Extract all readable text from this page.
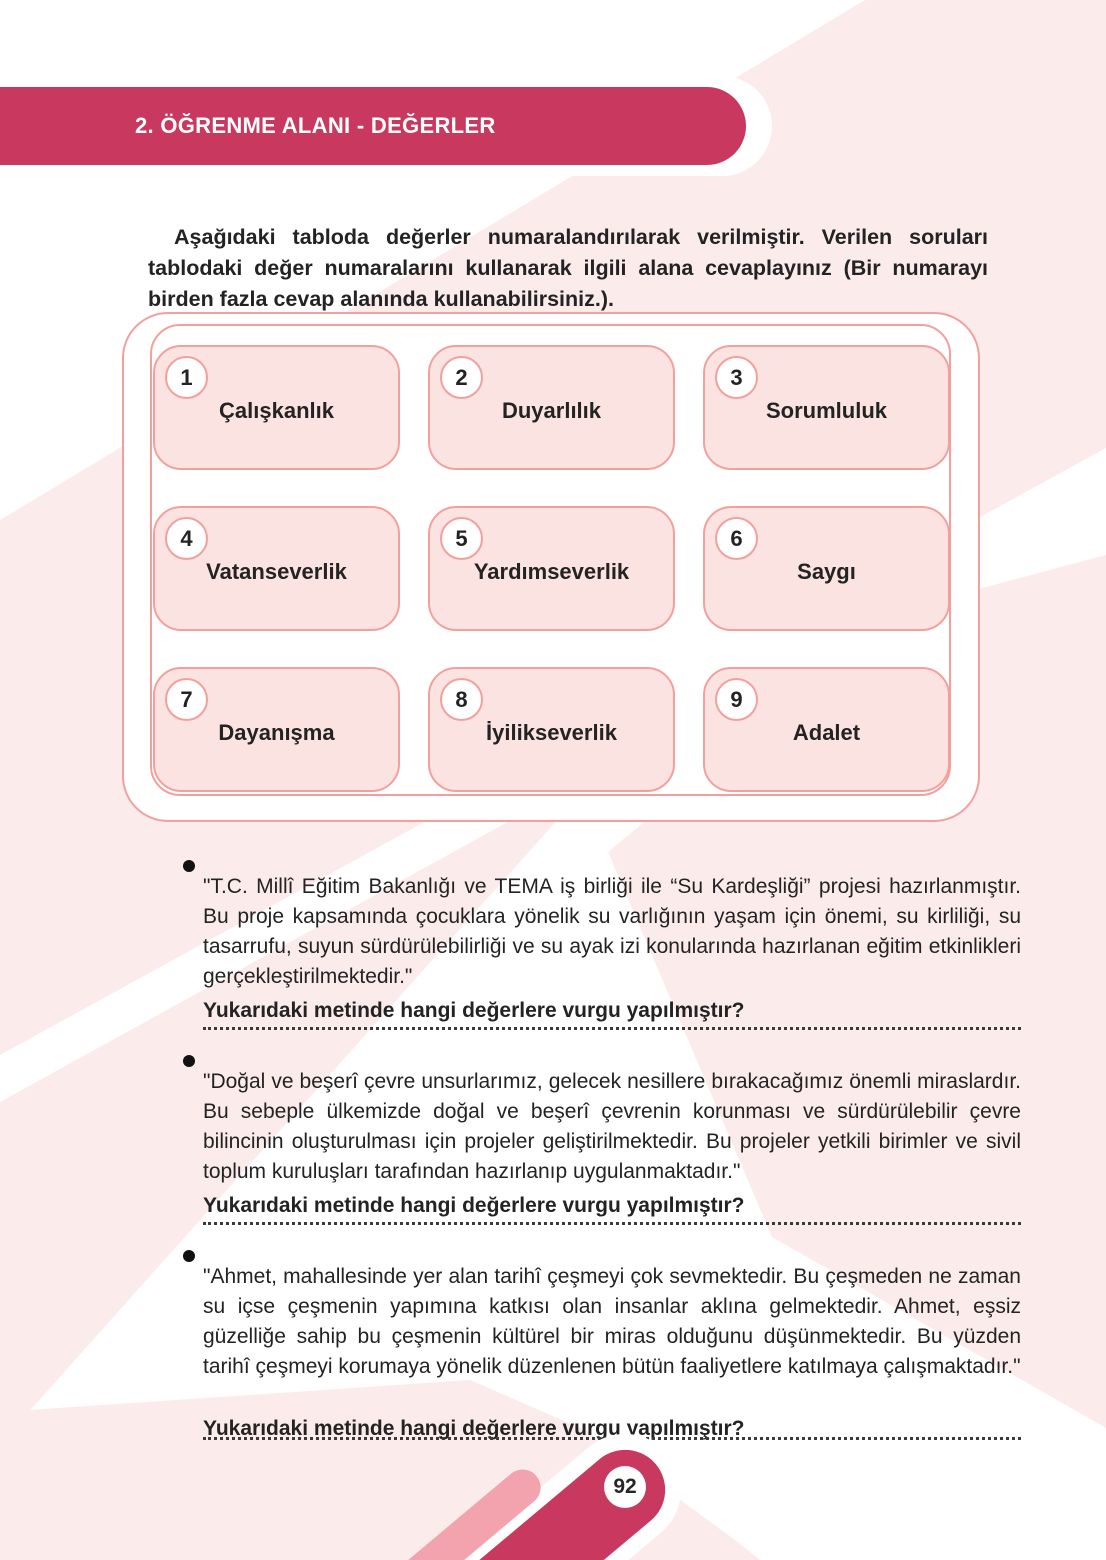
2. ÖĞRENME ALANI - DEĞERLER

Aşağıdaki tabloda değerler numaralandırılarak verilmiştir. Verilen soruları tablodaki değer numaralarını kullanarak ilgili alana cevaplayınız (Bir numarayı birden fazla cevap alanında kullanabilirsiniz.).

1
Çalışkanlık
2
Duyarlılık
3
Sorumluluk
4
Vatanseverlik
5
Yardımseverlik
6
Saygı
7
Dayanışma
8
İyilikseverlik
9
Adalet

"T.C. Millî Eğitim Bakanlığı ve TEMA iş birliği ile “Su Kardeşliği” projesi hazırlanmıştır. Bu proje kapsamında çocuklara yönelik su varlığının yaşam için önemi, su kirliliği, su tasarrufu, suyun sürdürülebilirliği ve su ayak izi konularında hazırlanan eğitim etkinlikleri gerçekleştirilmektedir."

Yukarıdaki metinde hangi değerlere vurgu yapılmıştır?

"Doğal ve beşerî çevre unsurlarımız, gelecek nesillere bırakacağımız önemli miraslardır. Bu sebeple ülkemizde doğal ve beşerî çevrenin korunması ve sürdürülebilir çevre bilincinin oluşturulması için projeler geliştirilmektedir. Bu projeler yetkili birimler ve sivil toplum kuruluşları tarafından hazırlanıp uygulanmaktadır."

Yukarıdaki metinde hangi değerlere vurgu yapılmıştır?

"Ahmet, mahallesinde yer alan tarihî çeşmeyi çok sevmektedir. Bu çeşmeden ne zaman su içse çeşmenin yapımına katkısı olan insanlar aklına gelmektedir. Ahmet, eşsiz güzelliğe sahip bu çeşmenin kültürel bir miras olduğunu düşünmektedir. Bu yüzden tarihî çeşmeyi korumaya yönelik düzenlenen bütün faaliyetlere katılmaya çalışmaktadır."

Yukarıdaki metinde hangi değerlere vurgu yapılmıştır?

92
